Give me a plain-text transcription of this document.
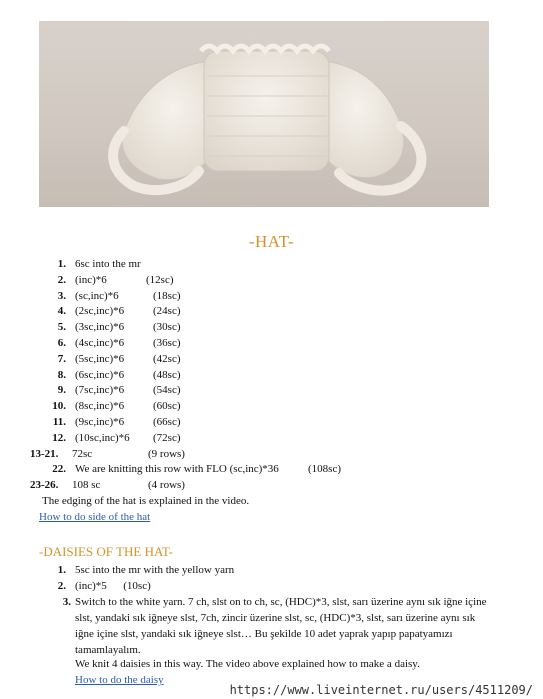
-HAT-
1. 6sc into the mr
2. (inc)*6	(12sc)
3. (sc,inc)*6	(18sc)
4. (2sc,inc)*6	(24sc)
5. (3sc,inc)*6	(30sc)
6. (4sc,inc)*6	(36sc)
7. (5sc,inc)*6	(42sc)
8. (6sc,inc)*6	(48sc)
9. (7sc,inc)*6	(54sc)
10. (8sc,inc)*6	(60sc)
11. (9sc,inc)*6	(66sc)
12. (10sc,inc)*6 (72sc)
13-21.	72sc	(9 rows)
22. We are knitting this row with FLO (sc,inc)*36	(108sc)
23-26.	108 sc	(4 rows)
The edging of the hat is explained in the video.
How to do side of the hat
-DAISIES OF THE HAT-
1. 5sc into the mr with the yellow yarn
2. (inc)*5      (10sc)
3. Switch to the white yarn. 7 ch, slst on to ch, sc, (HDC)*3, slst, sarı üzerine aynı sık iğne içine slst, yandaki sık iğneye slst, 7ch, zincir üzerine slst, sc, (HDC)*3, slst, sarı üzerine aynı sık iğne içine slst, yandaki sık iğneye slst… Bu şekilde 10 adet yaprak yapıp papatyamızı tamamlayalım.
We knit 4 daisies in this way. The video above explained how to make a daisy.
How to do the daisy
https://www.liveinternet.ru/users/4511209/
